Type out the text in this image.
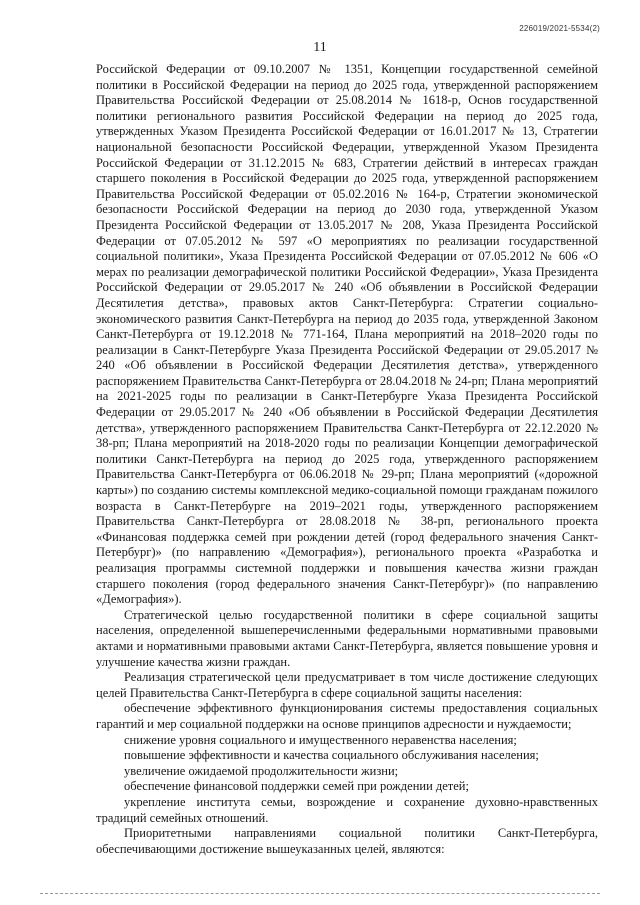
226019/2021-5534(2)
11

Российской Федерации от 09.10.2007 № 1351, Концепции государственной семейной политики в Российской Федерации на период до 2025 года, утвержденной распоряжением Правительства Российской Федерации от 25.08.2014 № 1618-р, Основ государственной политики регионального развития Российской Федерации на период до 2025 года, утвержденных Указом Президента Российской Федерации от 16.01.2017 № 13, Стратегии национальной безопасности Российской Федерации, утвержденной Указом Президента Российской Федерации от 31.12.2015 № 683, Стратегии действий в интересах граждан старшего поколения в Российской Федерации до 2025 года, утвержденной распоряжением Правительства Российской Федерации от 05.02.2016 № 164-р, Стратегии экономической безопасности Российской Федерации на период до 2030 года, утвержденной Указом Президента Российской Федерации от 13.05.2017 № 208, Указа Президента Российской Федерации от 07.05.2012 № 597 «О мероприятиях по реализации государственной социальной политики», Указа Президента Российской Федерации от 07.05.2012 № 606 «О мерах по реализации демографической политики Российской Федерации», Указа Президента Российской Федерации от 29.05.2017 № 240 «Об объявлении в Российской Федерации Десятилетия детства», правовых актов Санкт-Петербурга: Стратегии социально-экономического развития Санкт-Петербурга на период до 2035 года, утвержденной Законом Санкт-Петербурга от 19.12.2018 № 771-164, Плана мероприятий на 2018–2020 годы по реализации в Санкт-Петербурге Указа Президента Российской Федерации от 29.05.2017 № 240 «Об объявлении в Российской Федерации Десятилетия детства», утвержденного распоряжением Правительства Санкт-Петербурга от 28.04.2018 № 24-рп; Плана мероприятий на 2021-2025 годы по реализации в Санкт-Петербурге Указа Президента Российской Федерации от 29.05.2017 № 240 «Об объявлении в Российской Федерации Десятилетия детства», утвержденного распоряжением Правительства Санкт-Петербурга от 22.12.2020 № 38-рп; Плана мероприятий на 2018-2020 годы по реализации Концепции демографической политики Санкт-Петербурга на период до 2025 года, утвержденного распоряжением Правительства Санкт-Петербурга от 06.06.2018 № 29-рп; Плана мероприятий («дорожной карты») по созданию системы комплексной медико-социальной помощи гражданам пожилого возраста в Санкт-Петербурге на 2019–2021 годы, утвержденного распоряжением Правительства Санкт-Петербурга от 28.08.2018 № 38-рп, регионального проекта «Финансовая поддержка семей при рождении детей (город федерального значения Санкт-Петербург)» (по направлению «Демография»), регионального проекта «Разработка и реализация программы системной поддержки и повышения качества жизни граждан старшего поколения (город федерального значения Санкт-Петербург)» (по направлению «Демография»).

Стратегической целью государственной политики в сфере социальной защиты населения, определенной вышеперечисленными федеральными нормативными правовыми актами и нормативными правовыми актами Санкт-Петербурга, является повышение уровня и улучшение качества жизни граждан.

Реализация стратегической цели предусматривает в том числе достижение следующих целей Правительства Санкт-Петербурга в сфере социальной защиты населения:

обеспечение эффективного функционирования системы предоставления социальных гарантий и мер социальной поддержки на основе принципов адресности и нуждаемости;

снижение уровня социального и имущественного неравенства населения;

повышение эффективности и качества социального обслуживания населения;

увеличение ожидаемой продолжительности жизни;

обеспечение финансовой поддержки семей при рождении детей;

укрепление института семьи, возрождение и сохранение духовно-нравственных традиций семейных отношений.

Приоритетными направлениями социальной политики Санкт-Петербурга, обеспечивающими достижение вышеуказанных целей, являются:
